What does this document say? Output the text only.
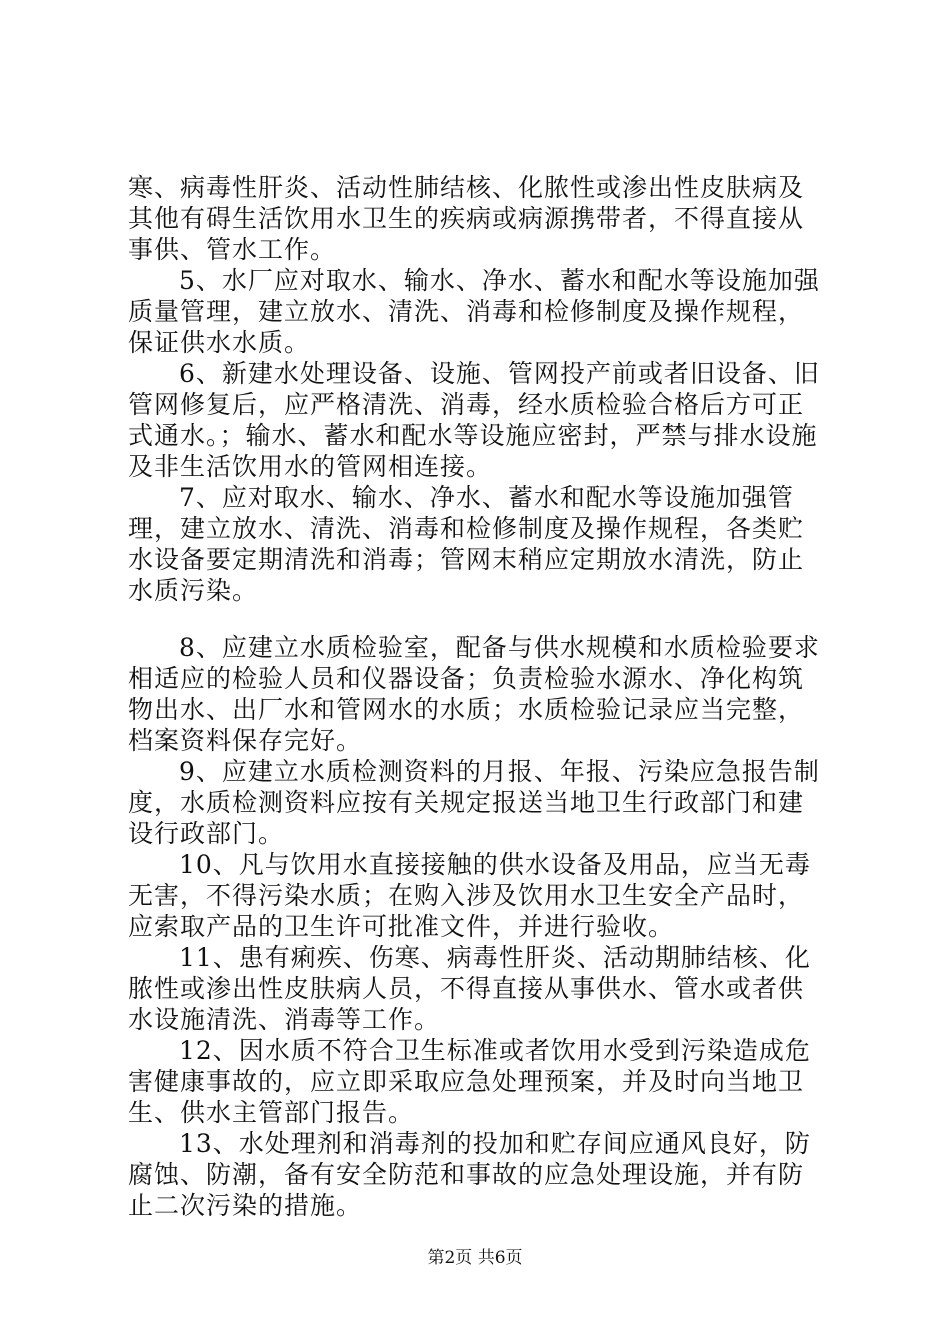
寒、病毒性肝炎、活动性肺结核、化脓性或渗出性皮肤病及其他有碍生活饮用水卫生的疾病或病源携带者，不得直接从事供、管水工作。

5、水厂应对取水、输水、净水、蓄水和配水等设施加强质量管理，建立放水、清洗、消毒和检修制度及操作规程，保证供水水质。

6、新建水处理设备、设施、管网投产前或者旧设备、旧管网修复后，应严格清洗、消毒，经水质检验合格后方可正式通水。；输水、蓄水和配水等设施应密封，严禁与排水设施及非生活饮用水的管网相连接。

7、应对取水、输水、净水、蓄水和配水等设施加强管理，建立放水、清洗、消毒和检修制度及操作规程，各类贮水设备要定期清洗和消毒；管网末稍应定期放水清洗，防止水质污染。

8、应建立水质检验室，配备与供水规模和水质检验要求相适应的检验人员和仪器设备；负责检验水源水、净化构筑物出水、出厂水和管网水的水质；水质检验记录应当完整，档案资料保存完好。

9、应建立水质检测资料的月报、年报、污染应急报告制度，水质检测资料应按有关规定报送当地卫生行政部门和建设行政部门。

10、凡与饮用水直接接触的供水设备及用品，应当无毒无害，不得污染水质；在购入涉及饮用水卫生安全产品时，应索取产品的卫生许可批准文件，并进行验收。

11、患有痢疾、伤寒、病毒性肝炎、活动期肺结核、化脓性或渗出性皮肤病人员，不得直接从事供水、管水或者供水设施清洗、消毒等工作。

12、因水质不符合卫生标准或者饮用水受到污染造成危害健康事故的，应立即采取应急处理预案，并及时向当地卫生、供水主管部门报告。

13、水处理剂和消毒剂的投加和贮存间应通风良好，防腐蚀、防潮，备有安全防范和事故的应急处理设施，并有防止二次污染的措施。

第2页 共6页
